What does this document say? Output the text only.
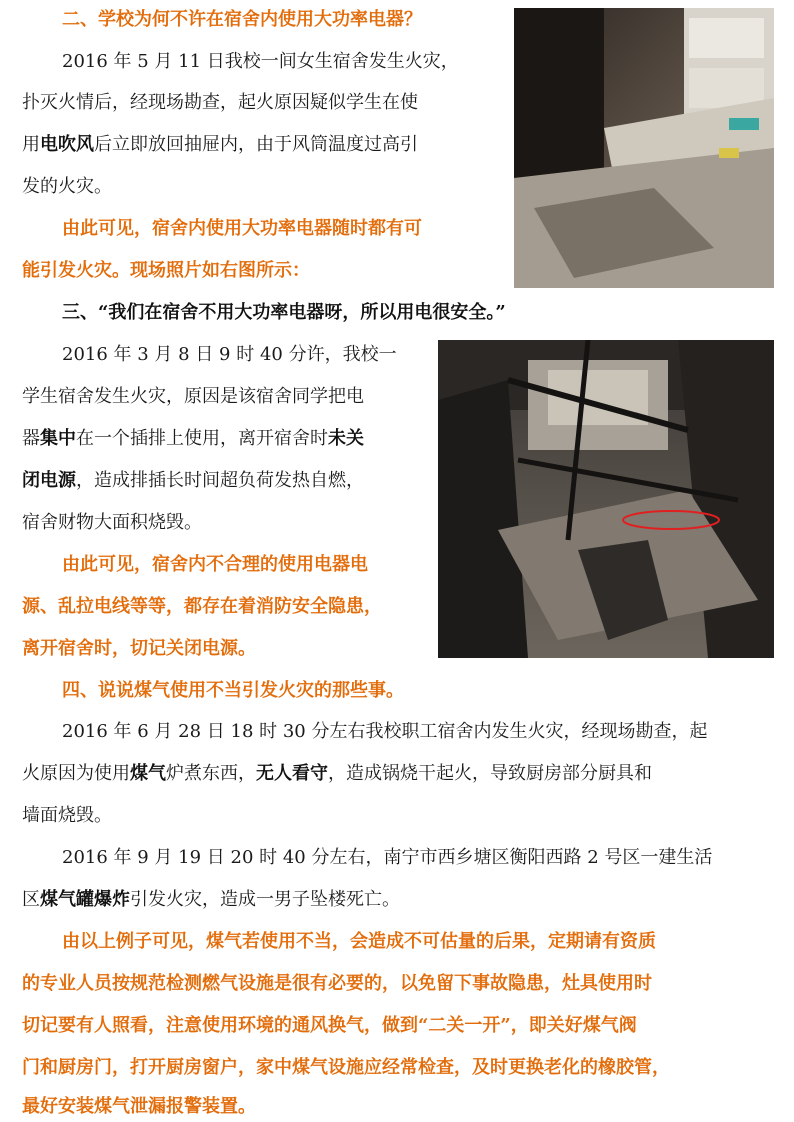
二、学校为何不许在宿舍内使用大功率电器？
2016 年 5 月 11 日我校一间女生宿舍发生火灾，
扑灭火情后，经现场勘查，起火原因疑似学生在使
用电吹风后立即放回抽屉内，由于风筒温度过高引
发的火灾。
由此可见，宿舍内使用大功率电器随时都有可
能引发火灾。现场照片如右图所示：
三、“我们在宿舍不用大功率电器呀，所以用电很安全。”
2016 年 3 月 8 日 9 时 40 分许，我校一
学生宿舍发生火灾，原因是该宿舍同学把电
器集中在一个插排上使用，离开宿舍时未关
闭电源，造成排插长时间超负荷发热自燃，
宿舍财物大面积烧毁。
由此可见，宿舍内不合理的使用电器电
源、乱拉电线等等，都存在着消防安全隐患，
离开宿舍时，切记关闭电源。
四、说说煤气使用不当引发火灾的那些事。
2016 年 6 月 28 日 18 时 30 分左右我校职工宿舍内发生火灾，经现场勘查，起
火原因为使用煤气炉煮东西，无人看守，造成锅烧干起火，导致厨房部分厨具和
墙面烧毁。
2016 年 9 月 19 日 20 时 40 分左右，南宁市西乡塘区衡阳西路 2 号区一建生活
区煤气罐爆炸引发火灾，造成一男子坠楼死亡。
由以上例子可见，煤气若使用不当，会造成不可估量的后果，定期请有资质
的专业人员按规范检测燃气设施是很有必要的，以免留下事故隐患，灶具使用时
切记要有人照看，注意使用环境的通风换气，做到“二关一开”，即关好煤气阀
门和厨房门，打开厨房窗户，家中煤气设施应经常检查，及时更换老化的橡胶管，
最好安装煤气泄漏报警装置。
